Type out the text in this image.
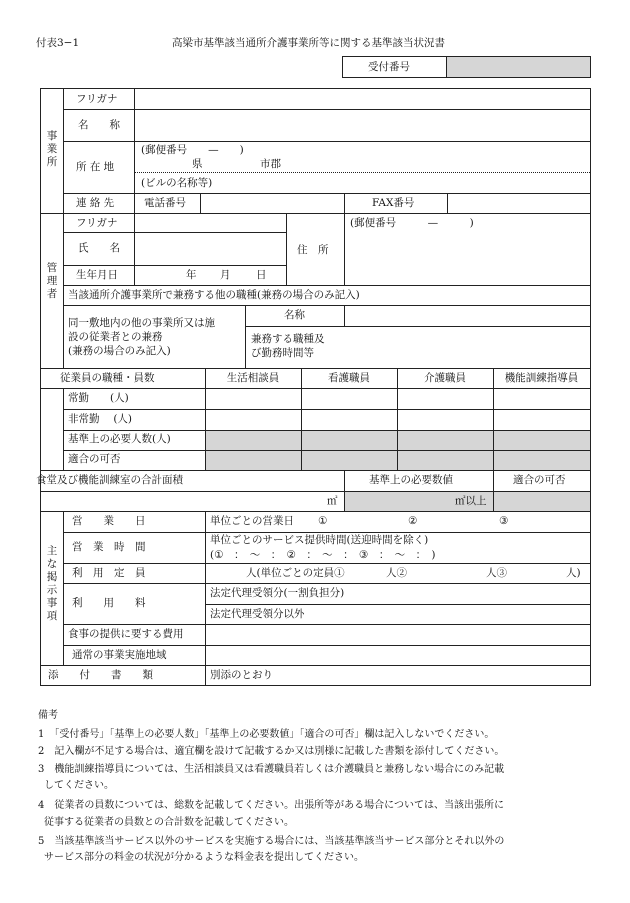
付表3−1	高梁市基準該当通所介護事業所等に関する基準該当状況書
受付番号
事業所
フリガナ
名　　称
所 在 地
(郵便番号　　—　　)
県	市郡
(ビルの名称等)
連 絡 先	電話番号	FAX番号
管理者
フリガナ
氏　　名
生年月日	年 月 日
住　所
(郵便番号　　　—　　　)
当該通所介護事業所で兼務する他の職種(兼務の場合のみ記入)
同一敷地内の他の事業所又は施
設の従業者との兼務
(兼務の場合のみ記入)
名称
兼務する職種及
び勤務時間等
従業員の職種・員数	生活相談員	看護職員	介護職員	機能訓練指導員
常勤　　(人)
非常勤　 (人)
基準上の必要人数(人)
適合の可否
食堂及び機能訓練室の合計面積	基準上の必要数値	適合の可否
㎡	㎡以上
主な掲示事項
営　　業　　日	単位ごとの営業日 ①	②	③
営　業　時　間
単位ごとのサービス提供時間(送迎時間を除く)
(①　：　〜　：　②　：　〜　：　③　：　〜　：　)
利　用　定　員	人(単位ごとの定員①	人②	人③	人)
利　　用　　料
法定代理受領分(一割負担分)
法定代理受領分以外
食事の提供に要する費用
通常の事業実施地域
添　　付　　書　　類	別添のとおり
備考
1　「受付番号」「基準上の必要人数」「基準上の必要数値」「適合の可否」欄は記入しないでください。
2　記入欄が不足する場合は、適宜欄を設けて記載するか又は別様に記載した書類を添付してください。
3　機能訓練指導員については、生活相談員又は看護職員若しくは介護職員と兼務しない場合にのみ記載
してください。
4　従業者の員数については、総数を記載してください。出張所等がある場合については、当該出張所に
従事する従業者の員数との合計数を記載してください。
5　当該基準該当サービス以外のサービスを実施する場合には、当該基準該当サービス部分とそれ以外の
サービス部分の料金の状況が分かるような料金表を提出してください。
